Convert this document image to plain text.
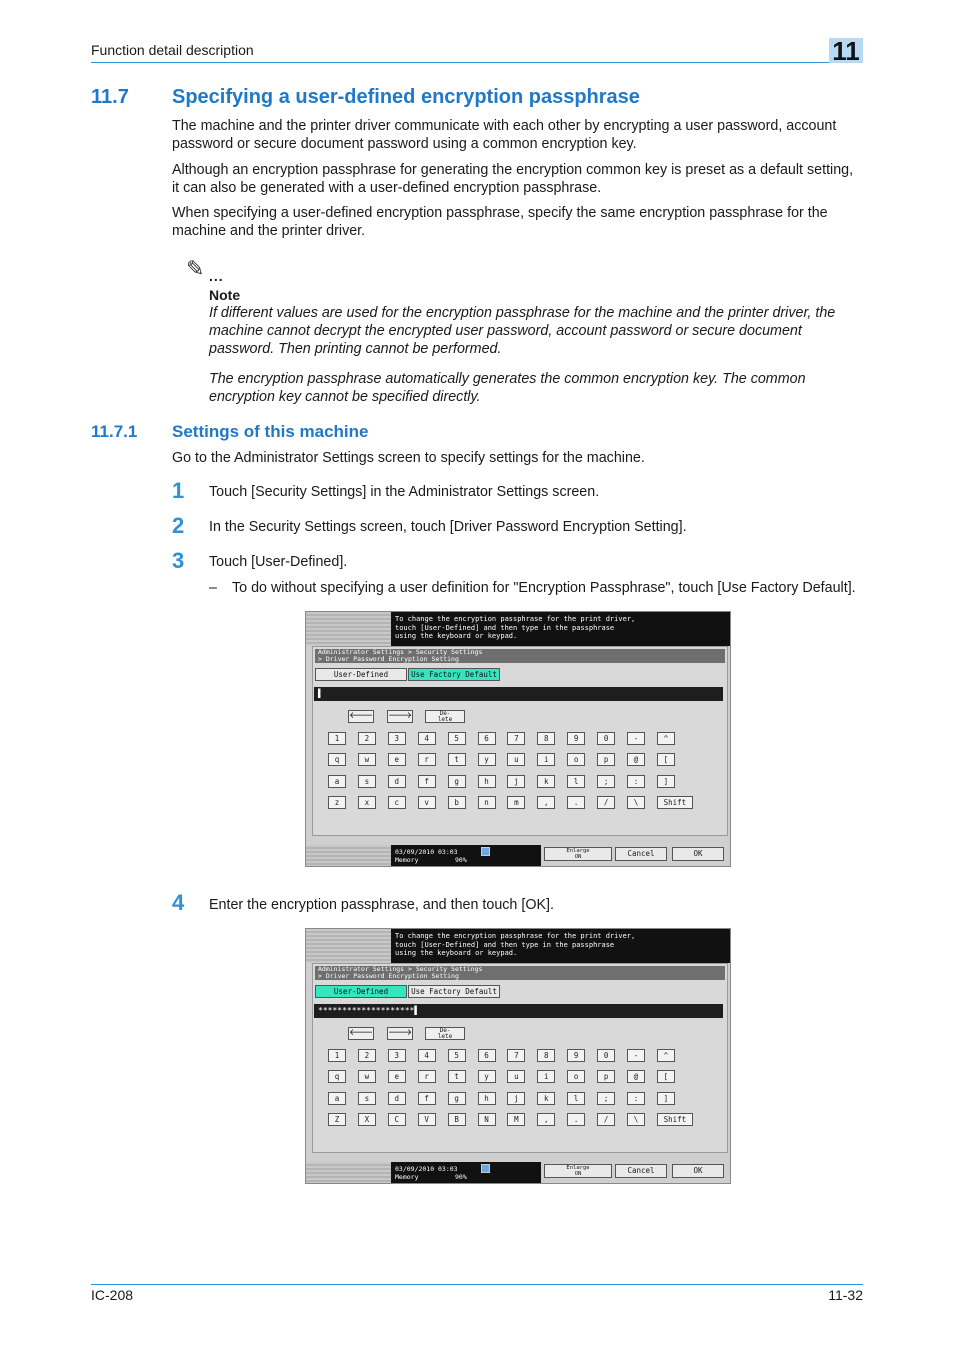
Function detail description	11
11.7 Specifying a user-defined encryption passphrase
The machine and the printer driver communicate with each other by encrypting a user password, account password or secure document password using a common encryption key.
Although an encryption passphrase for generating the encryption common key is preset as a default setting, it can also be generated with a user-defined encryption passphrase.
When specifying a user-defined encryption passphrase, specify the same encryption passphrase for the machine and the printer driver.
✎ ...
Note
If different values are used for the encryption passphrase for the machine and the printer driver, the machine cannot decrypt the encrypted user password, account password or secure document password. Then printing cannot be performed.
The encryption passphrase automatically generates the common encryption key. The common encryption key cannot be specified directly.
11.7.1 Settings of this machine
Go to the Administrator Settings screen to specify settings for the machine.
1 Touch [Security Settings] in the Administrator Settings screen.
2 In the Security Settings screen, touch [Driver Password Encryption Setting].
3 Touch [User-Defined].
– To do without specifying a user definition for "Encryption Passphrase", touch [Use Factory Default].
To change the encryption passphrase for the print driver,
touch [User-Defined] and then type in the passphrase
using the keyboard or keypad.
Administrator Settings > Security Settings
> Driver Password Encryption Setting
User-Defined	Use Factory Default
▌
🡐 🡒	De-
lete
03/09/2010 03:03

Memory	90%
Enlarge
ON	Cancel	OK
1	2	3	4	5	6	7	8	9	0	-	^
q	w	e	r	t	y	u	i	o	p	@	[
a	s	d	f	g	h	j	k	l	;	:	]
z	x	c	v	b	n	m	,	.	/	\	Shift
4 Enter the encryption passphrase, and then touch [OK].
To change the encryption passphrase for the print driver,
touch [User-Defined] and then type in the passphrase
using the keyboard or keypad.
Administrator Settings > Security Settings
> Driver Password Encryption Setting
User-Defined	Use Factory Default
********************▌
🡐 🡒	De-
lete
03/09/2010 03:03

Memory	90%
Enlarge
ON	Cancel	OK
1	2	3	4	5	6	7	8	9	0	-	^
q	w	e	r	t	y	u	i	o	p	@	[
a	s	d	f	g	h	j	k	l	;	:	]
Z	X	C	V	B	N	M	,	.	/	\	Shift
IC-208	11-32
